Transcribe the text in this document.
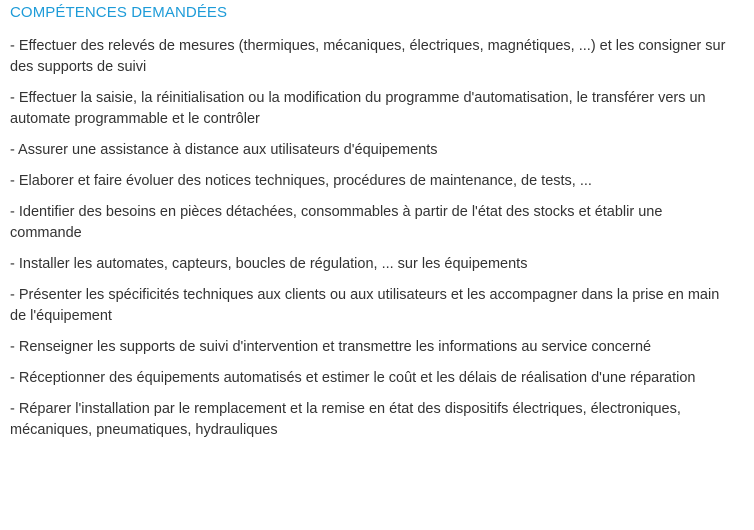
COMPÉTENCES DEMANDÉES
- Effectuer des relevés de mesures (thermiques, mécaniques, électriques, magnétiques, ...) et les consigner sur des supports de suivi
- Effectuer la saisie, la réinitialisation ou la modification du programme d'automatisation, le transférer vers un automate programmable et le contrôler
- Assurer une assistance à distance aux utilisateurs d'équipements
- Elaborer et faire évoluer des notices techniques, procédures de maintenance, de tests, ...
- Identifier des besoins en pièces détachées, consommables à partir de l'état des stocks et établir une commande
- Installer les automates, capteurs, boucles de régulation, ... sur les équipements
- Présenter les spécificités techniques aux clients ou aux utilisateurs et les accompagner dans la prise en main de l'équipement
- Renseigner les supports de suivi d'intervention et transmettre les informations au service concerné
- Réceptionner des équipements automatisés et estimer le coût et les délais de réalisation d'une réparation
- Réparer l'installation par le remplacement et la remise en état des dispositifs électriques, électroniques, mécaniques, pneumatiques, hydrauliques
